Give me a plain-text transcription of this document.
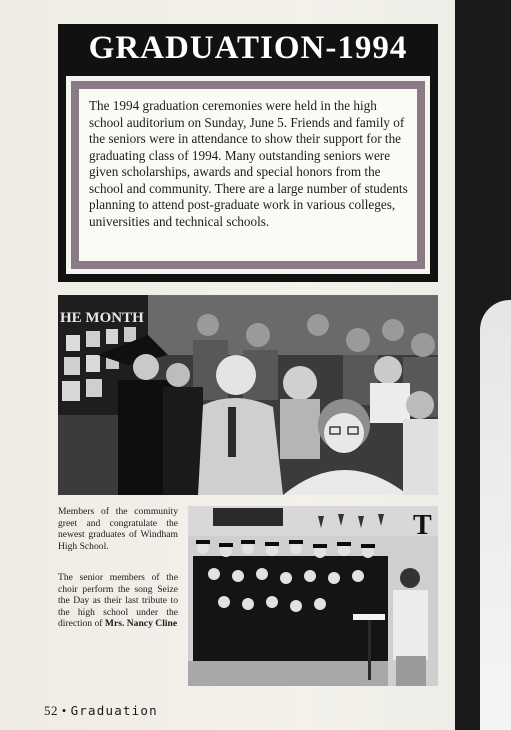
GRADUATION-1994
The 1994 graduation ceremonies were held in the high school auditorium on Sunday, June 5. Friends and family of the seniors were in attendance to show their support for the graduating class of 1994. Many outstanding seniors were given scholarships, awards and special honors from the school and community. There are a large number of students planning to attend post-graduate work in various colleges, universities and technical schools.
HE MONTH
Members of the community greet and congratulate the newest graduates of Windham High School.
The senior members of the choir perform the song Seize the Day as their last tribute to the high school under the direction of Mrs. Nancy Cline
T
52 • Graduation
